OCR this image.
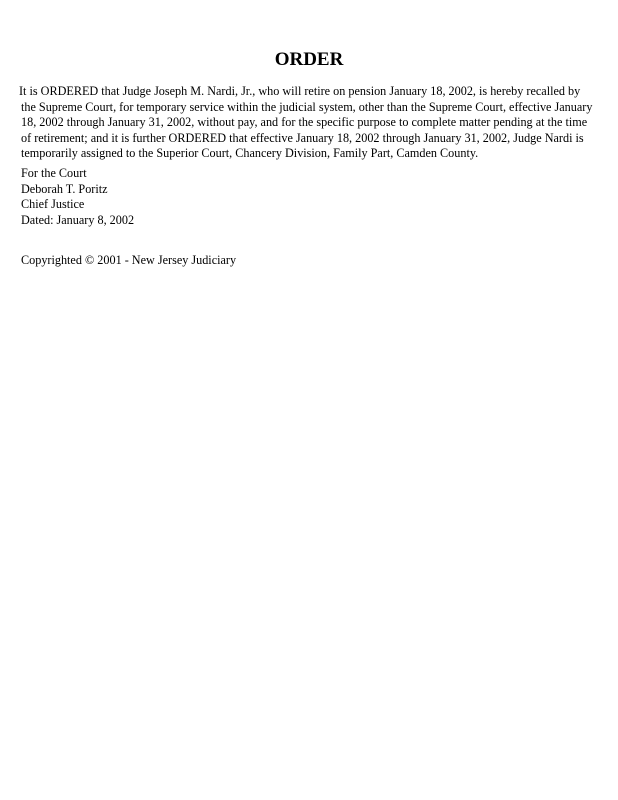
ORDER
It is ORDERED that Judge Joseph M. Nardi, Jr., who will retire on pension January 18, 2002, is hereby recalled by the Supreme Court, for temporary service within the judicial system, other than the Supreme Court, effective January 18, 2002 through January 31, 2002, without pay, and for the specific purpose to complete matter pending at the time of retirement; and it is further ORDERED that effective January 18, 2002 through January 31, 2002, Judge Nardi is temporarily assigned to the Superior Court, Chancery Division, Family Part, Camden County.
For the Court
Deborah T. Poritz
Chief Justice
Dated: January 8, 2002
Copyrighted © 2001 - New Jersey Judiciary
